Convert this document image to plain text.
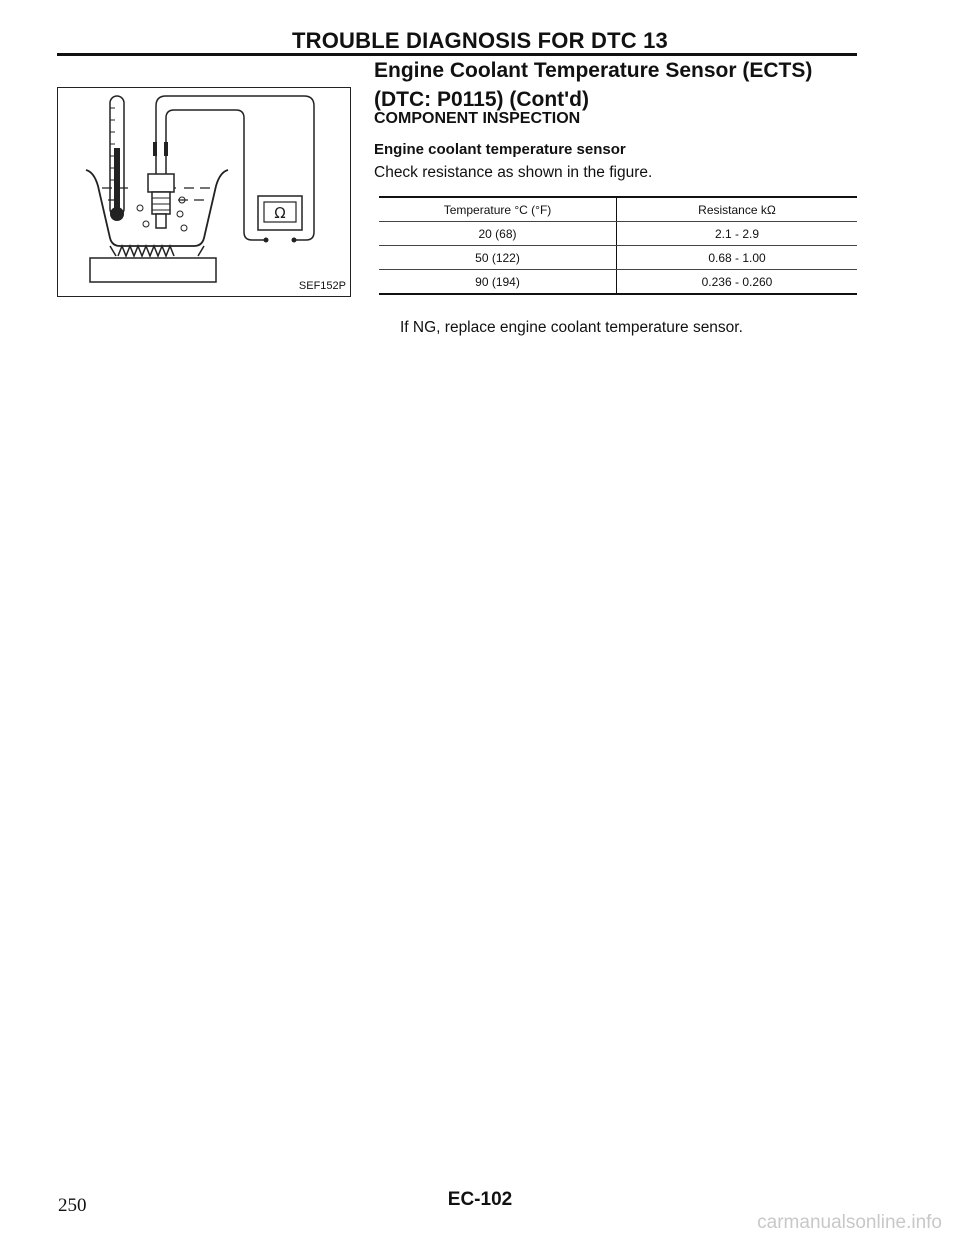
TROUBLE DIAGNOSIS FOR DTC 13
Ω
SEF152P
Engine Coolant Temperature Sensor (ECTS)
(DTC: P0115) (Cont'd)
COMPONENT INSPECTION
Engine coolant temperature sensor
Check resistance as shown in the figure.
Temperature °C (°F)	Resistance kΩ
20 (68)	2.1 - 2.9
50 (122)	0.68 - 1.00
90 (194)	0.236 - 0.260
If NG, replace engine coolant temperature sensor.
250	EC-102
carmanualsonline.info
